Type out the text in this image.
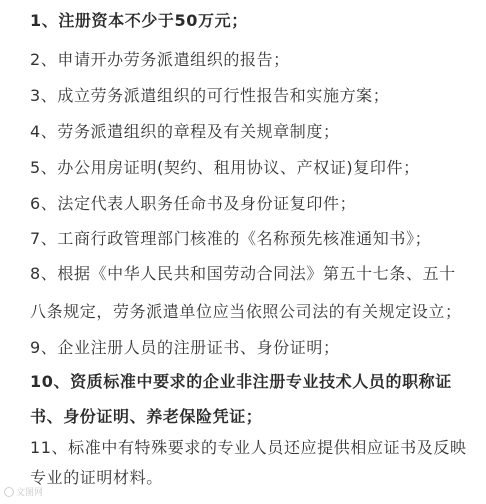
1、注册资本不少于50万元；
2、申请开办劳务派遣组织的报告；
3、成立劳务派遣组织的可行性报告和实施方案；
4、劳务派遣组织的章程及有关规章制度；
5、办公用房证明(契约、租用协议、产权证)复印件；
6、法定代表人职务任命书及身份证复印件；
7、工商行政管理部门核准的《名称预先核准通知书》；
8、根据《中华人民共和国劳动合同法》第五十七条、五十
八条规定，劳务派遣单位应当依照公司法的有关规定设立；
9、企业注册人员的注册证书、身份证明；
10、资质标准中要求的企业非注册专业技术人员的职称证
书、身份证明、养老保险凭证；
11、标准中有特殊要求的专业人员还应提供相应证书及反映
专业的证明材料。
文图网
